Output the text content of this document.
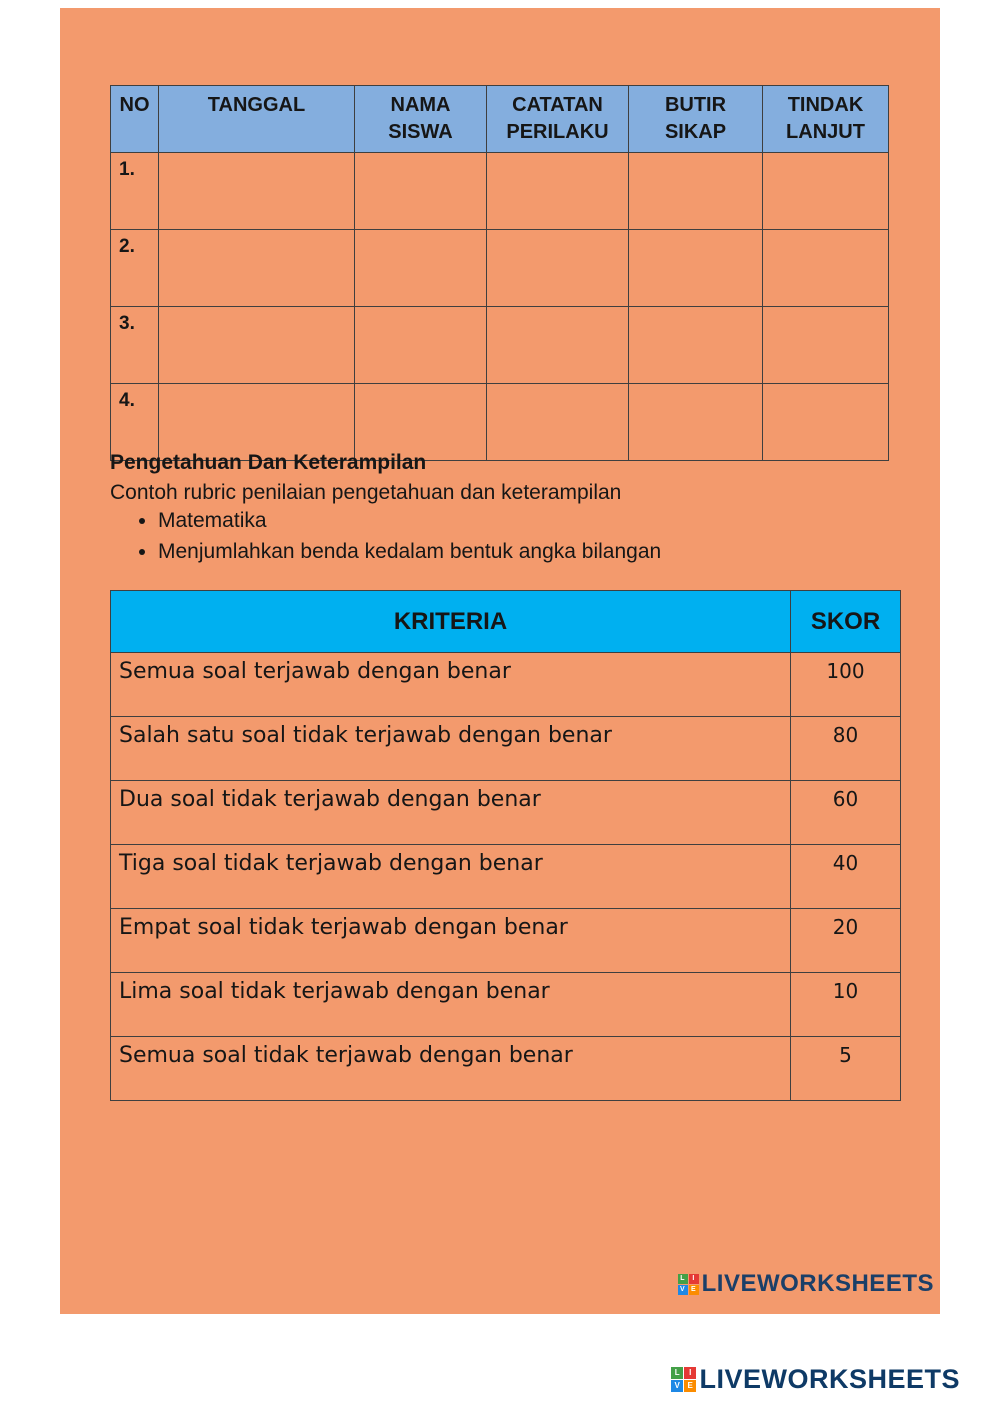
NO	TANGGAL	NAMA SISWA	CATATAN PERILAKU	BUTIR SIKAP	TINDAK LANJUT
1.					
2.					
3.					
4.					

Pengetahuan Dan Keterampilan

Contoh rubric penilaian pengetahuan dan keterampilan

• Matematika
• Menjumlahkan benda kedalam bentuk angka bilangan
KRITERIA	SKOR
Semua soal terjawab dengan benar	100
Salah satu soal tidak terjawab dengan benar	80
Dua soal tidak terjawab dengan benar	60
Tiga soal tidak terjawab dengan benar	40
Empat soal tidak terjawab dengan benar	20
Lima soal tidak terjawab dengan benar	10
Semua soal tidak terjawab dengan benar	5
L	I
V E LIVEWORKSHEETS
L	I
V E LIVEWORKSHEETS
